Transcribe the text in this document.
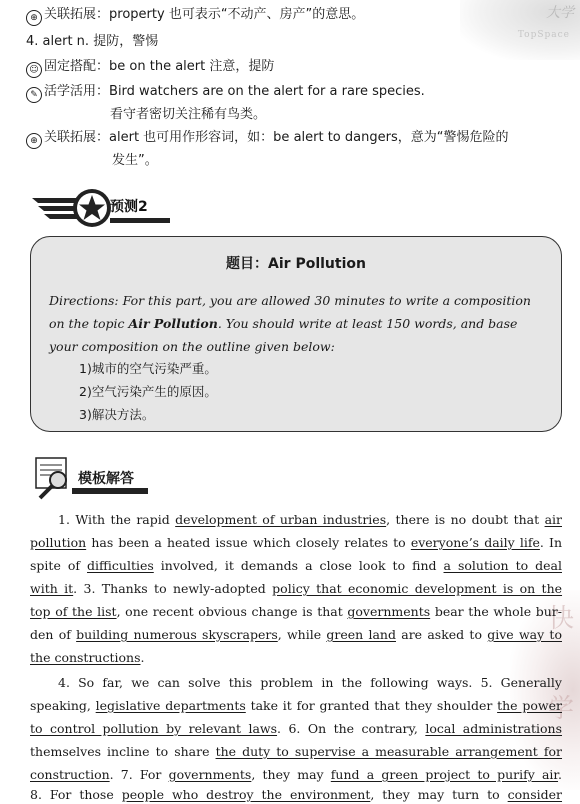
大学
TopSpace
⊕ 关联拓展：property 也可表示“不动产、房产”的意思。
4. alert n. 提防，警惕
☺ 固定搭配：be on the alert 注意，提防
✎ 活学活用：Bird watchers are on the alert for a rare species.
看守者密切关注稀有鸟类。
⊕ 关联拓展：alert 也可用作形容词，如：be alert to dangers，意为“警惕危险的
发生”。
预测2
ESTIMATE 2
题目：Air Pollution
Directions: For this part, you are allowed 30 minutes to write a composition
on the topic Air Pollution. You should write at least 150 words, and base
your composition on the outline given below:
1)城市的空气污染严重。
2)空气污染产生的原因。
3)解决方法。
模板解答
SAMPLE
快
学
1. With the rapid development of urban industries, there is no doubt that air
pollution has been a heated issue which closely relates to everyone’s daily life. In
spite of difficulties involved, it demands a close look to find a solution to deal
with it. 3. Thanks to newly-adopted policy that economic development is on the
top of the list, one recent obvious change is that governments bear the whole bur-
den of building numerous skyscrapers, while green land are asked to give way to
the constructions.
4. So far, we can solve this problem in the following ways. 5. Generally
speaking, legislative departments take it for granted that they shoulder the power
to control pollution by relevant laws. 6. On the contrary, local administrations
themselves incline to share the duty to supervise a measurable arrangement for
construction. 7. For governments, they may fund a green project to purify air.
8. For those people who destroy the environment, they may turn to consider
